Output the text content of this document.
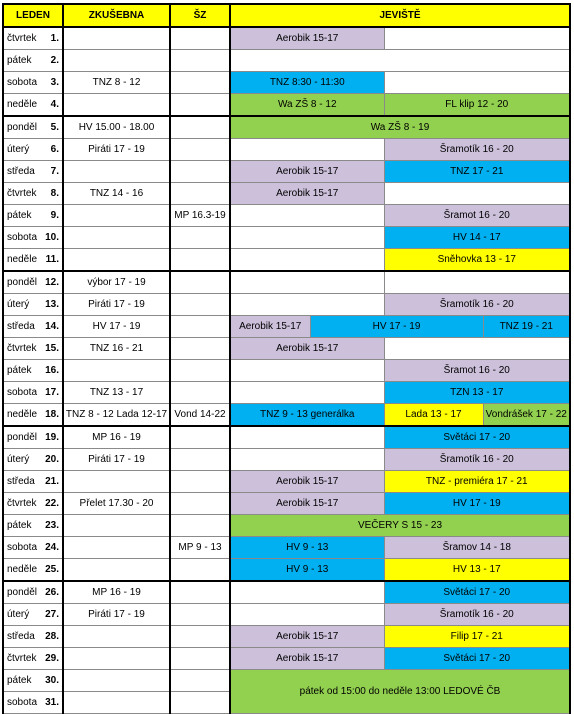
LEDEN	ZKUŠEBNA	ŠZ	JEVIŠTĚ			

čtvrtek 1.			Aerobik 15-17			

pátek 2.						

sobota 3.	TNZ 8 - 12		TNZ 8:30 - 11:30			

neděle 4.			Wa ZŠ 8 - 12		FL klip 12 - 20	

ponděl 5.	HV 15.00 - 18.00		Wa ZŠ 8 - 19			

úterý 6.	Piráti 17 - 19				Šramotík 16 - 20	

středa 7.			Aerobik 15-17		TNZ 17 - 21	

čtvrtek 8.	TNZ 14 - 16		Aerobik 15-17			

pátek 9.		MP 16.3-19			Šramot 16 - 20	

sobota 10.					HV 14 - 17	

neděle 11.					Sněhovka 13 - 17	

ponděl 12.	výbor 17 - 19					

úterý 13.	Piráti 17 - 19				Šramotík 16 - 20	

středa 14.	HV 17 - 19		Aerobik 15-17	HV 17 - 19		TNZ 19 - 21

čtvrtek 15.	TNZ 16 - 21		Aerobik 15-17			

pátek 16.					Šramot 16 - 20	

sobota 17.	TNZ 13 - 17				TZN 13 - 17	

neděle 18.	TNZ 8 - 12 Lada 12-17	Vond 14-22	TNZ 9 - 13 generálka		Lada 13 - 17	Vondrášek 17 - 22

ponděl 19.	MP 16 - 19				Světáci 17 - 20	

úterý 20.	Piráti 17 - 19				Šramotík 16 - 20	

středa 21.			Aerobik 15-17		TNZ - premiéra 17 - 21	

čtvrtek 22.	Přelet 17.30 - 20		Aerobik 15-17		HV 17 - 19	

pátek 23.			VEČERY S 15 - 23			

sobota 24.		MP 9 - 13	HV 9 - 13		Šramov 14 - 18	

neděle 25.			HV 9 - 13		HV 13 - 17	

ponděl 26.	MP 16 - 19				Světáci 17 - 20	

úterý 27.	Piráti 17 - 19				Šramotík 16 - 20	

středa 28.			Aerobik 15-17		Filip 17 - 21	

čtvrtek 29.			Aerobik 15-17		Světáci 17 - 20	

pátek 30.			pátek od 15:00 do neděle 13:00 LEDOVÉ ČB			

sobota 31.						
